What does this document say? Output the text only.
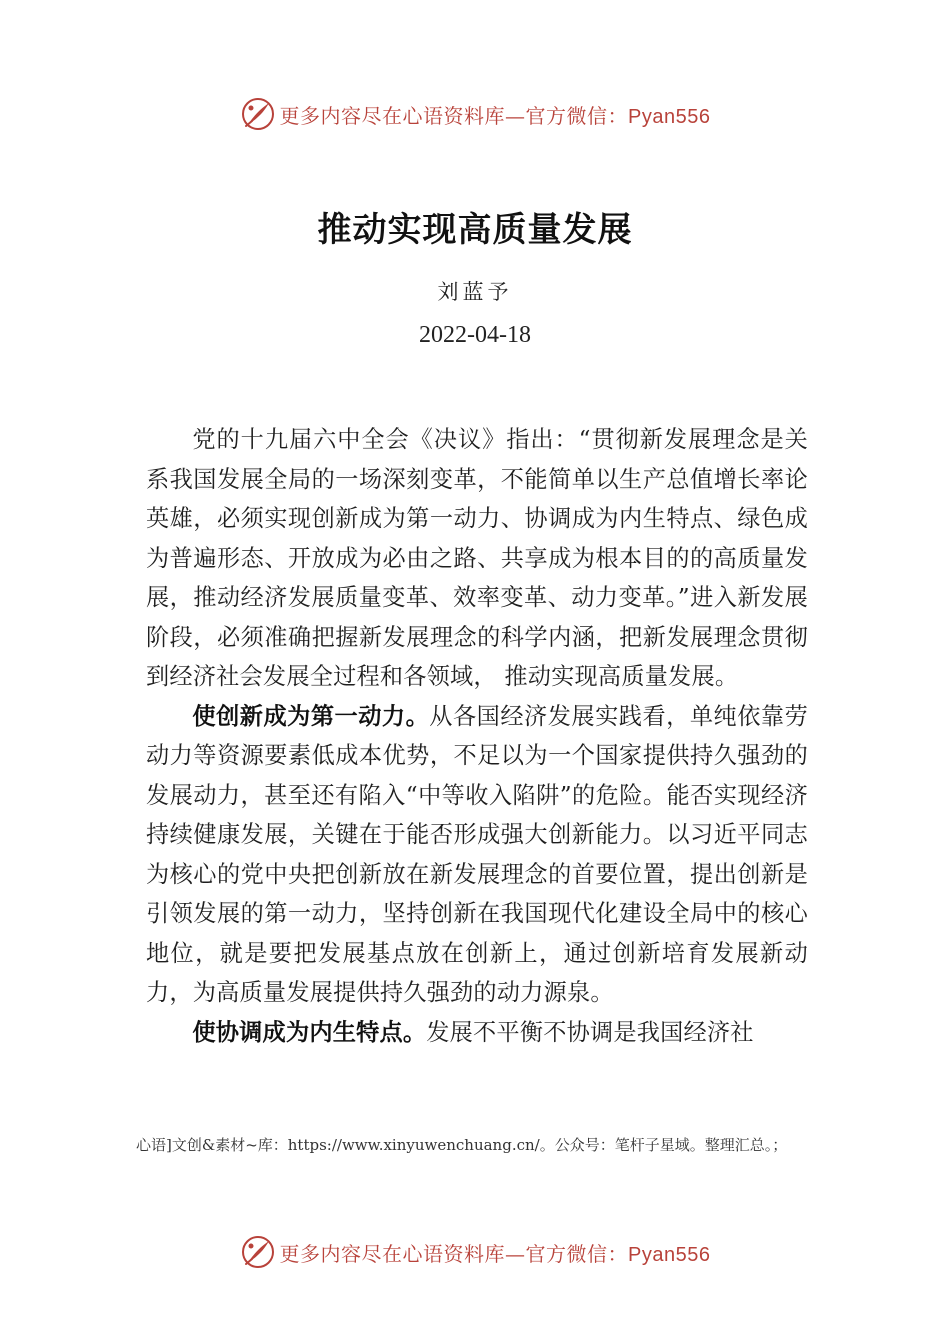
更多内容尽在心语资料库—官方微信：Pyan556
推动实现高质量发展
刘蓝予
2022-04-18

党的十九届六中全会《决议》指出：“贯彻新发展理念是关系我国发展全局的一场深刻变革，不能简单以生产总值增长率论英雄，必须实现创新成为第一动力、协调成为内生特点、绿色成为普遍形态、开放成为必由之路、共享成为根本目的的高质量发展，推动经济发展质量变革、效率变革、动力变革。”进入新发展阶段，必须准确把握新发展理念的科学内涵，把新发展理念贯彻到经济社会发展全过程和各领域， 推动实现高质量发展。

使创新成为第一动力。从各国经济发展实践看，单纯依靠劳动力等资源要素低成本优势，不足以为一个国家提供持久强劲的发展动力，甚至还有陷入“中等收入陷阱”的危险。能否实现经济持续健康发展，关键在于能否形成强大创新能力。以习近平同志为核心的党中央把创新放在新发展理念的首要位置，提出创新是引领发展的第一动力，坚持创新在我国现代化建设全局中的核心地位，就是要把发展基点放在创新上，通过创新培育发展新动力，为高质量发展提供持久强劲的动力源泉。

使协调成为内生特点。发展不平衡不协调是我国经济社

心语]文创&素材~库：https://www.xinyuwenchuang.cn/。公众号：笔杆子星域。整理汇总。；
更多内容尽在心语资料库—官方微信：Pyan556
